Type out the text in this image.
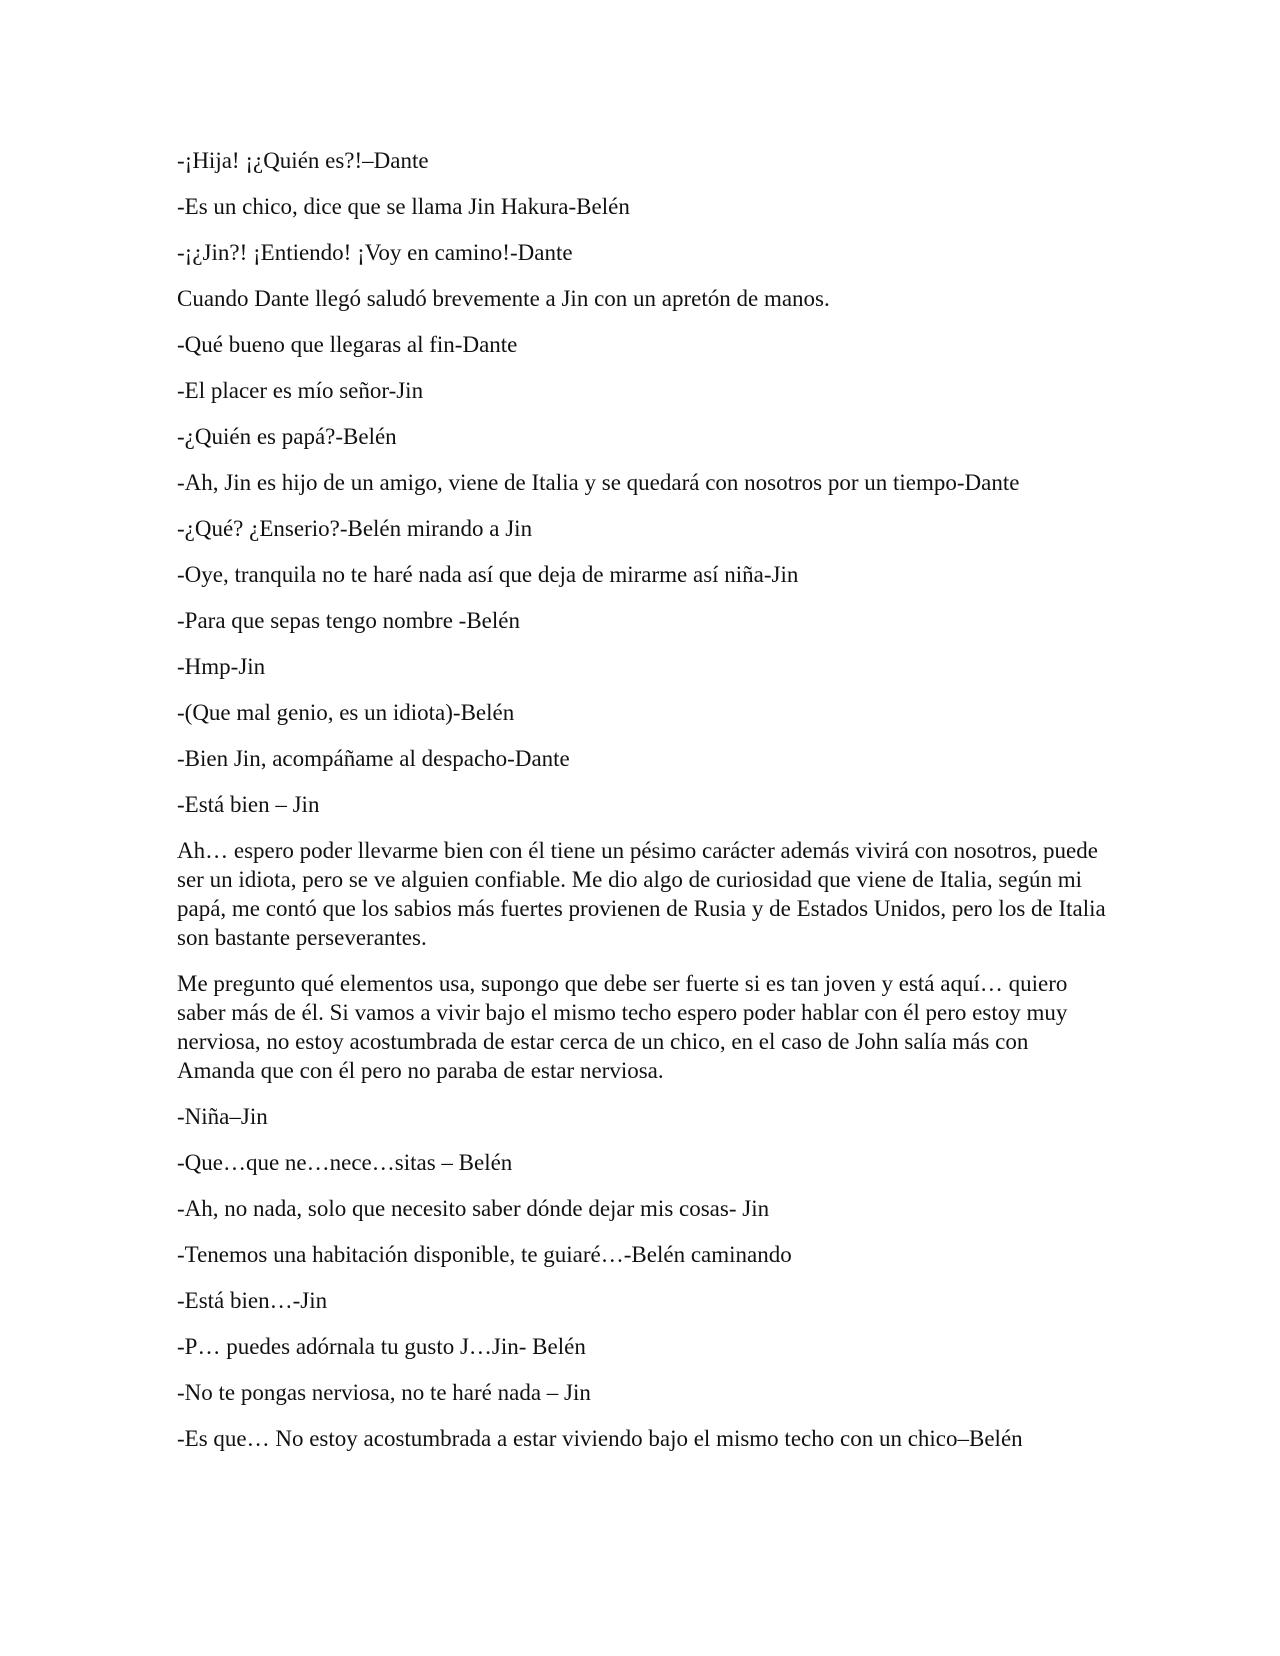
-¡Hija! ¡¿Quién es?!–Dante

-Es un chico, dice que se llama Jin Hakura-Belén

-¡¿Jin?! ¡Entiendo! ¡Voy en camino!-Dante

Cuando Dante llegó saludó brevemente a Jin con un apretón de manos.

-Qué bueno que llegaras al fin-Dante

-El placer es mío señor-Jin

-¿Quién es papá?-Belén

-Ah, Jin es hijo de un amigo, viene de Italia y se quedará con nosotros por un tiempo-Dante

-¿Qué? ¿Enserio?-Belén mirando a Jin

-Oye, tranquila no te haré nada así que deja de mirarme así niña-Jin

-Para que sepas tengo nombre -Belén

-Hmp-Jin

-(Que mal genio, es un idiota)-Belén

-Bien Jin, acompáñame al despacho-Dante

-Está bien – Jin

Ah… espero poder llevarme bien con él tiene un pésimo carácter además vivirá con nosotros, puede ser un idiota, pero se ve alguien confiable. Me dio algo de curiosidad que viene de Italia, según mi papá, me contó que los sabios más fuertes provienen de Rusia y de Estados Unidos, pero los de Italia son bastante perseverantes.

Me pregunto qué elementos usa, supongo que debe ser fuerte si es tan joven y está aquí… quiero saber más de él. Si vamos a vivir bajo el mismo techo espero poder hablar con él pero estoy muy nerviosa, no estoy acostumbrada de estar cerca de un chico, en el caso de John salía más con Amanda que con él pero no paraba de estar nerviosa.

-Niña–Jin

-Que…que ne…nece…sitas – Belén

-Ah, no nada, solo que necesito saber dónde dejar mis cosas- Jin

-Tenemos una habitación disponible, te guiaré…-Belén caminando

-Está bien…-Jin

-P… puedes adórnala tu gusto J…Jin- Belén

-No te pongas nerviosa, no te haré nada – Jin

-Es que… No estoy acostumbrada a estar viviendo bajo el mismo techo con un chico–Belén
